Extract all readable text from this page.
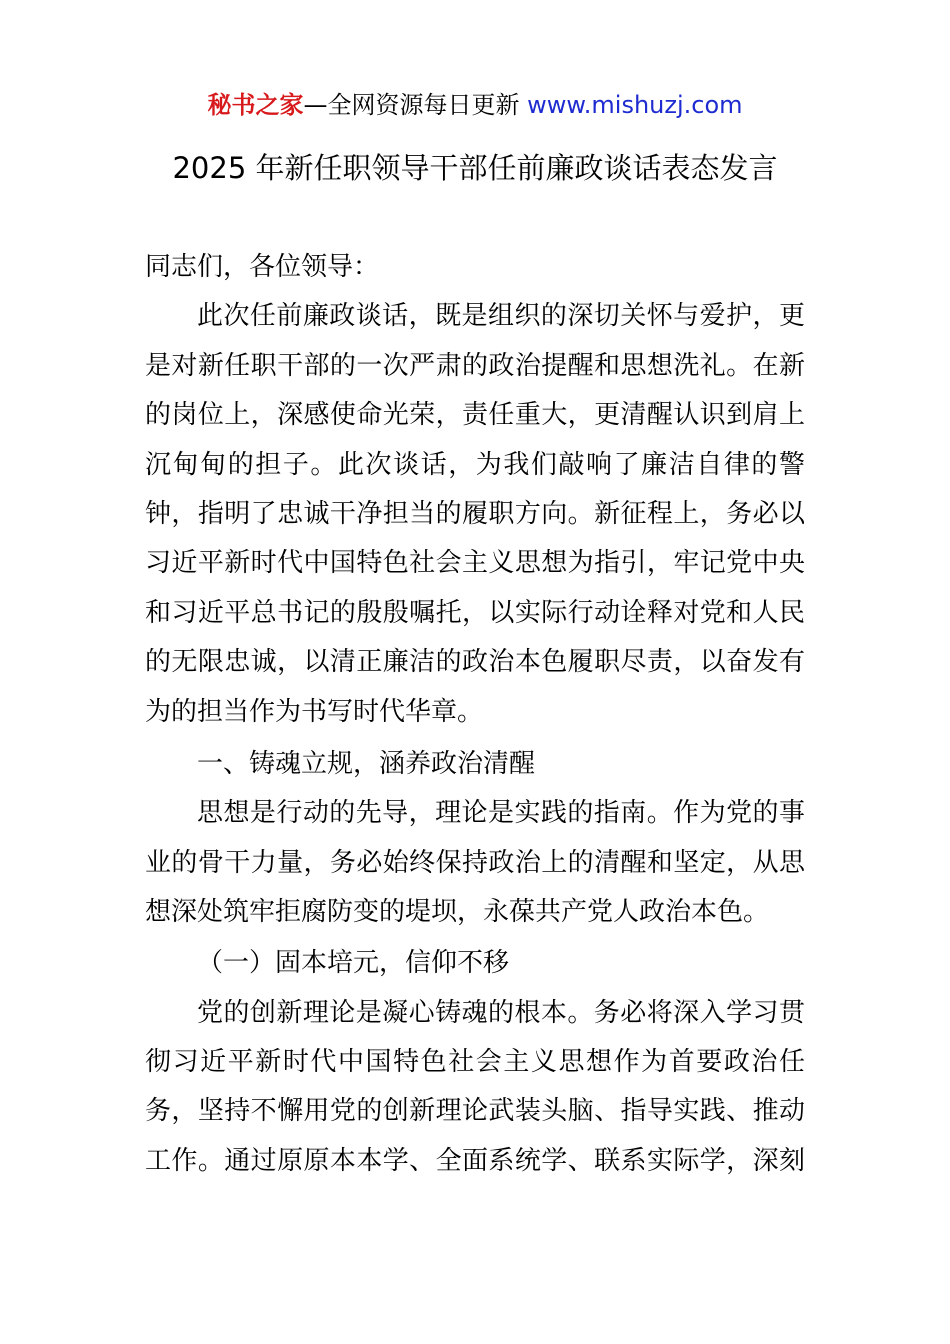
秘书之家—全网资源每日更新 www.mishuzj.com
2025 年新任职领导干部任前廉政谈话表态发言
同志们，各位领导：
此次任前廉政谈话，既是组织的深切关怀与爱护，更
是对新任职干部的一次严肃的政治提醒和思想洗礼。在新
的岗位上，深感使命光荣，责任重大，更清醒认识到肩上
沉甸甸的担子。此次谈话，为我们敲响了廉洁自律的警
钟，指明了忠诚干净担当的履职方向。新征程上，务必以
习近平新时代中国特色社会主义思想为指引，牢记党中央
和习近平总书记的殷殷嘱托，以实际行动诠释对党和人民
的无限忠诚，以清正廉洁的政治本色履职尽责，以奋发有
为的担当作为书写时代华章。
一、铸魂立规，涵养政治清醒
思想是行动的先导，理论是实践的指南。作为党的事
业的骨干力量，务必始终保持政治上的清醒和坚定，从思
想深处筑牢拒腐防变的堤坝，永葆共产党人政治本色。
（一）固本培元，信仰不移
党的创新理论是凝心铸魂的根本。务必将深入学习贯
彻习近平新时代中国特色社会主义思想作为首要政治任
务，坚持不懈用党的创新理论武装头脑、指导实践、推动
工作。通过原原本本学、全面系统学、联系实际学，深刻
